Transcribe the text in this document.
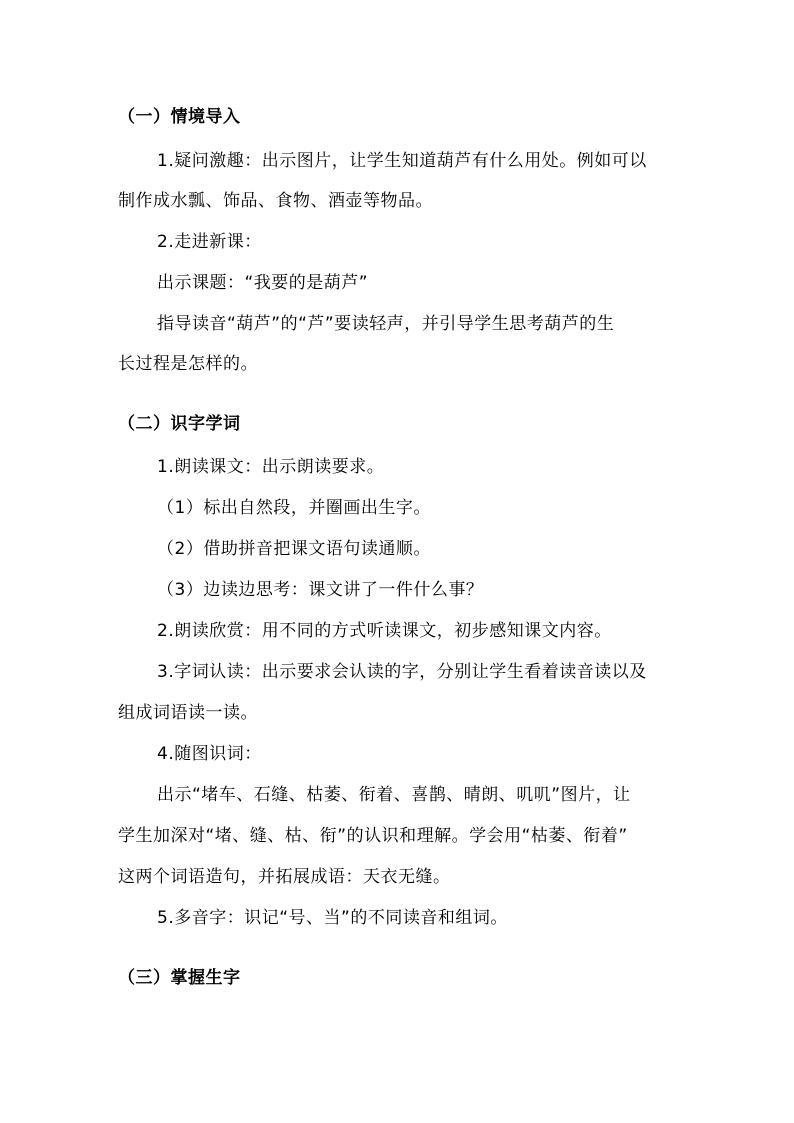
（一）情境导入
1.疑问激趣：出示图片，让学生知道葫芦有什么用处。例如可以
制作成水瓢、饰品、食物、酒壶等物品。
2.走进新课：
出示课题：“我要的是葫芦”
指导读音“葫芦”的“芦”要读轻声，并引导学生思考葫芦的生
长过程是怎样的。
（二）识字学词
1.朗读课文：出示朗读要求。
（1）标出自然段，并圈画出生字。
（2）借助拼音把课文语句读通顺。
（3）边读边思考：课文讲了一件什么事？
2.朗读欣赏：用不同的方式听读课文，初步感知课文内容。
3.字词认读：出示要求会认读的字，分别让学生看着读音读以及
组成词语读一读。
4.随图识词：
出示“堵车、石缝、枯萎、衔着、喜鹊、晴朗、叽叽”图片，让
学生加深对“堵、缝、枯、衔”的认识和理解。学会用“枯萎、衔着”
这两个词语造句，并拓展成语：天衣无缝。
5.多音字：识记“号、当”的不同读音和组词。
（三）掌握生字
